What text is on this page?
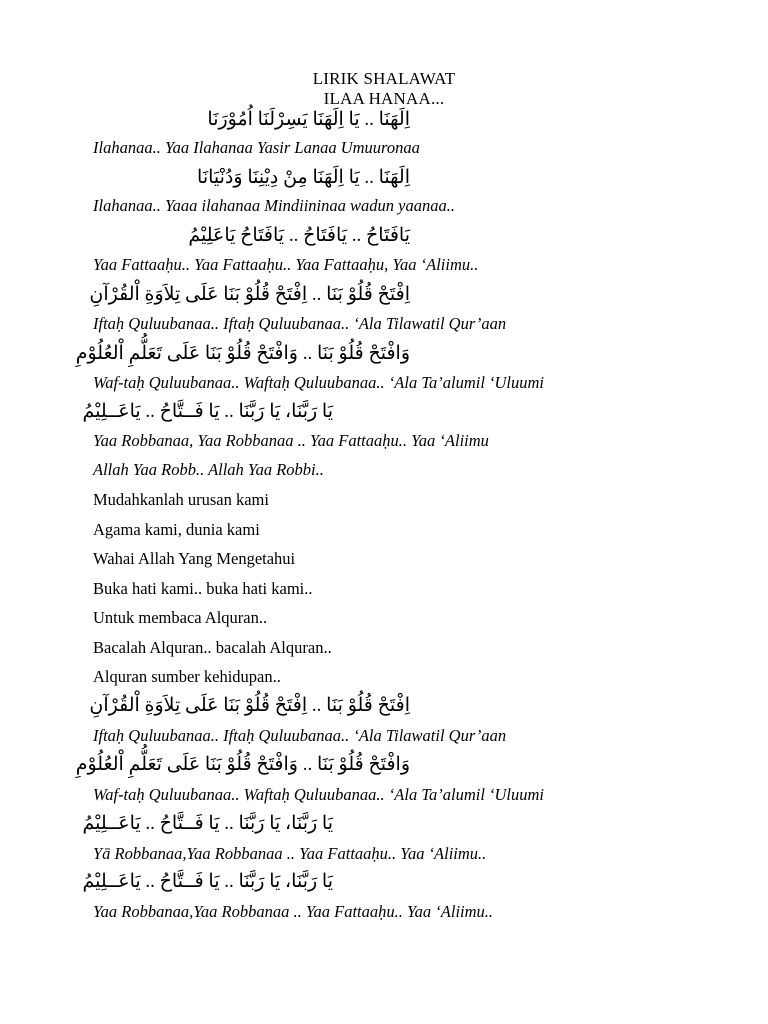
LIRIK SHALAWAT
ILAA HANAA...
اِلَهَنَا .. يَا اِلَهَنَا يَسِرْلَنَا اُمُوْرَنَا
Ilahanaa.. Yaa Ilahanaa Yasir Lanaa Umuuronaa
اِلَهَنَا .. يَا اِلَهَنَا مِنْ دِيْنِنَا وَدُنْيَانَا
Ilahanaa.. Yaaa ilahanaa Mindiininaa wadun yaanaa..
يَافَتَاحُ .. يَافَتَاحُ .. يَافَتَاحُ يَاعَلِيْمُ
Yaa Fattaaḥu.. Yaa Fattaaḥu.. Yaa Fattaaḥu, Yaa ‘Aliimu..
اِفْتَحْ قُلُوْ بَنَا .. اِفْتَحْ قُلُوْ بَنَا عَلَى تِلاَوَةِ اْلقُرْآنِ
Iftaḥ Quluubanaa.. Iftaḥ Quluubanaa.. ‘Ala Tilawatil Qur’aan
وَافْتَحْ قُلُوْ بَنَا .. وَافْتَحْ قُلُوْ بَنَا عَلَى تَعَلُّمِ اْلعُلُوْمِ
Waf-taḥ Quluubanaa.. Waftaḥ Quluubanaa.. ‘Ala Ta’alumil ‘Uluumi
يَا رَبَّنَا، يَا رَبَّنَا .. يَا فَــتَّاحُ .. يَاعَــلِيْمُ
Yaa Robbanaa, Yaa Robbanaa .. Yaa Fattaaḥu.. Yaa ‘Aliimu
Allah Yaa Robb.. Allah Yaa Robbi..
Mudahkanlah urusan kami
Agama kami, dunia kami
Wahai Allah Yang Mengetahui
Buka hati kami.. buka hati kami..
Untuk membaca Alquran..
Bacalah Alquran.. bacalah Alquran..
Alquran sumber kehidupan..
اِفْتَحْ قُلُوْ بَنَا .. اِفْتَحْ قُلُوْ بَنَا عَلَى تِلاَوَةِ اْلقُرْآنِ
Iftaḥ Quluubanaa.. Iftaḥ Quluubanaa.. ‘Ala Tilawatil Qur’aan
وَافْتَحْ قُلُوْ بَنَا .. وَافْتَحْ قُلُوْ بَنَا عَلَى تَعَلُّمِ اْلعُلُوْمِ
Waf-taḥ Quluubanaa.. Waftaḥ Quluubanaa.. ‘Ala Ta’alumil ‘Uluumi
يَا رَبَّنَا، يَا رَبَّنَا .. يَا فَــتَّاحُ .. يَاعَــلِيْمُ
Yā Robbanaa,Yaa Robbanaa .. Yaa Fattaaḥu.. Yaa ‘Aliimu..
يَا رَبَّنَا، يَا رَبَّنَا .. يَا فَــتَّاحُ .. يَاعَــلِيْمُ
Yaa Robbanaa,Yaa Robbanaa .. Yaa Fattaaḥu.. Yaa ‘Aliimu..
